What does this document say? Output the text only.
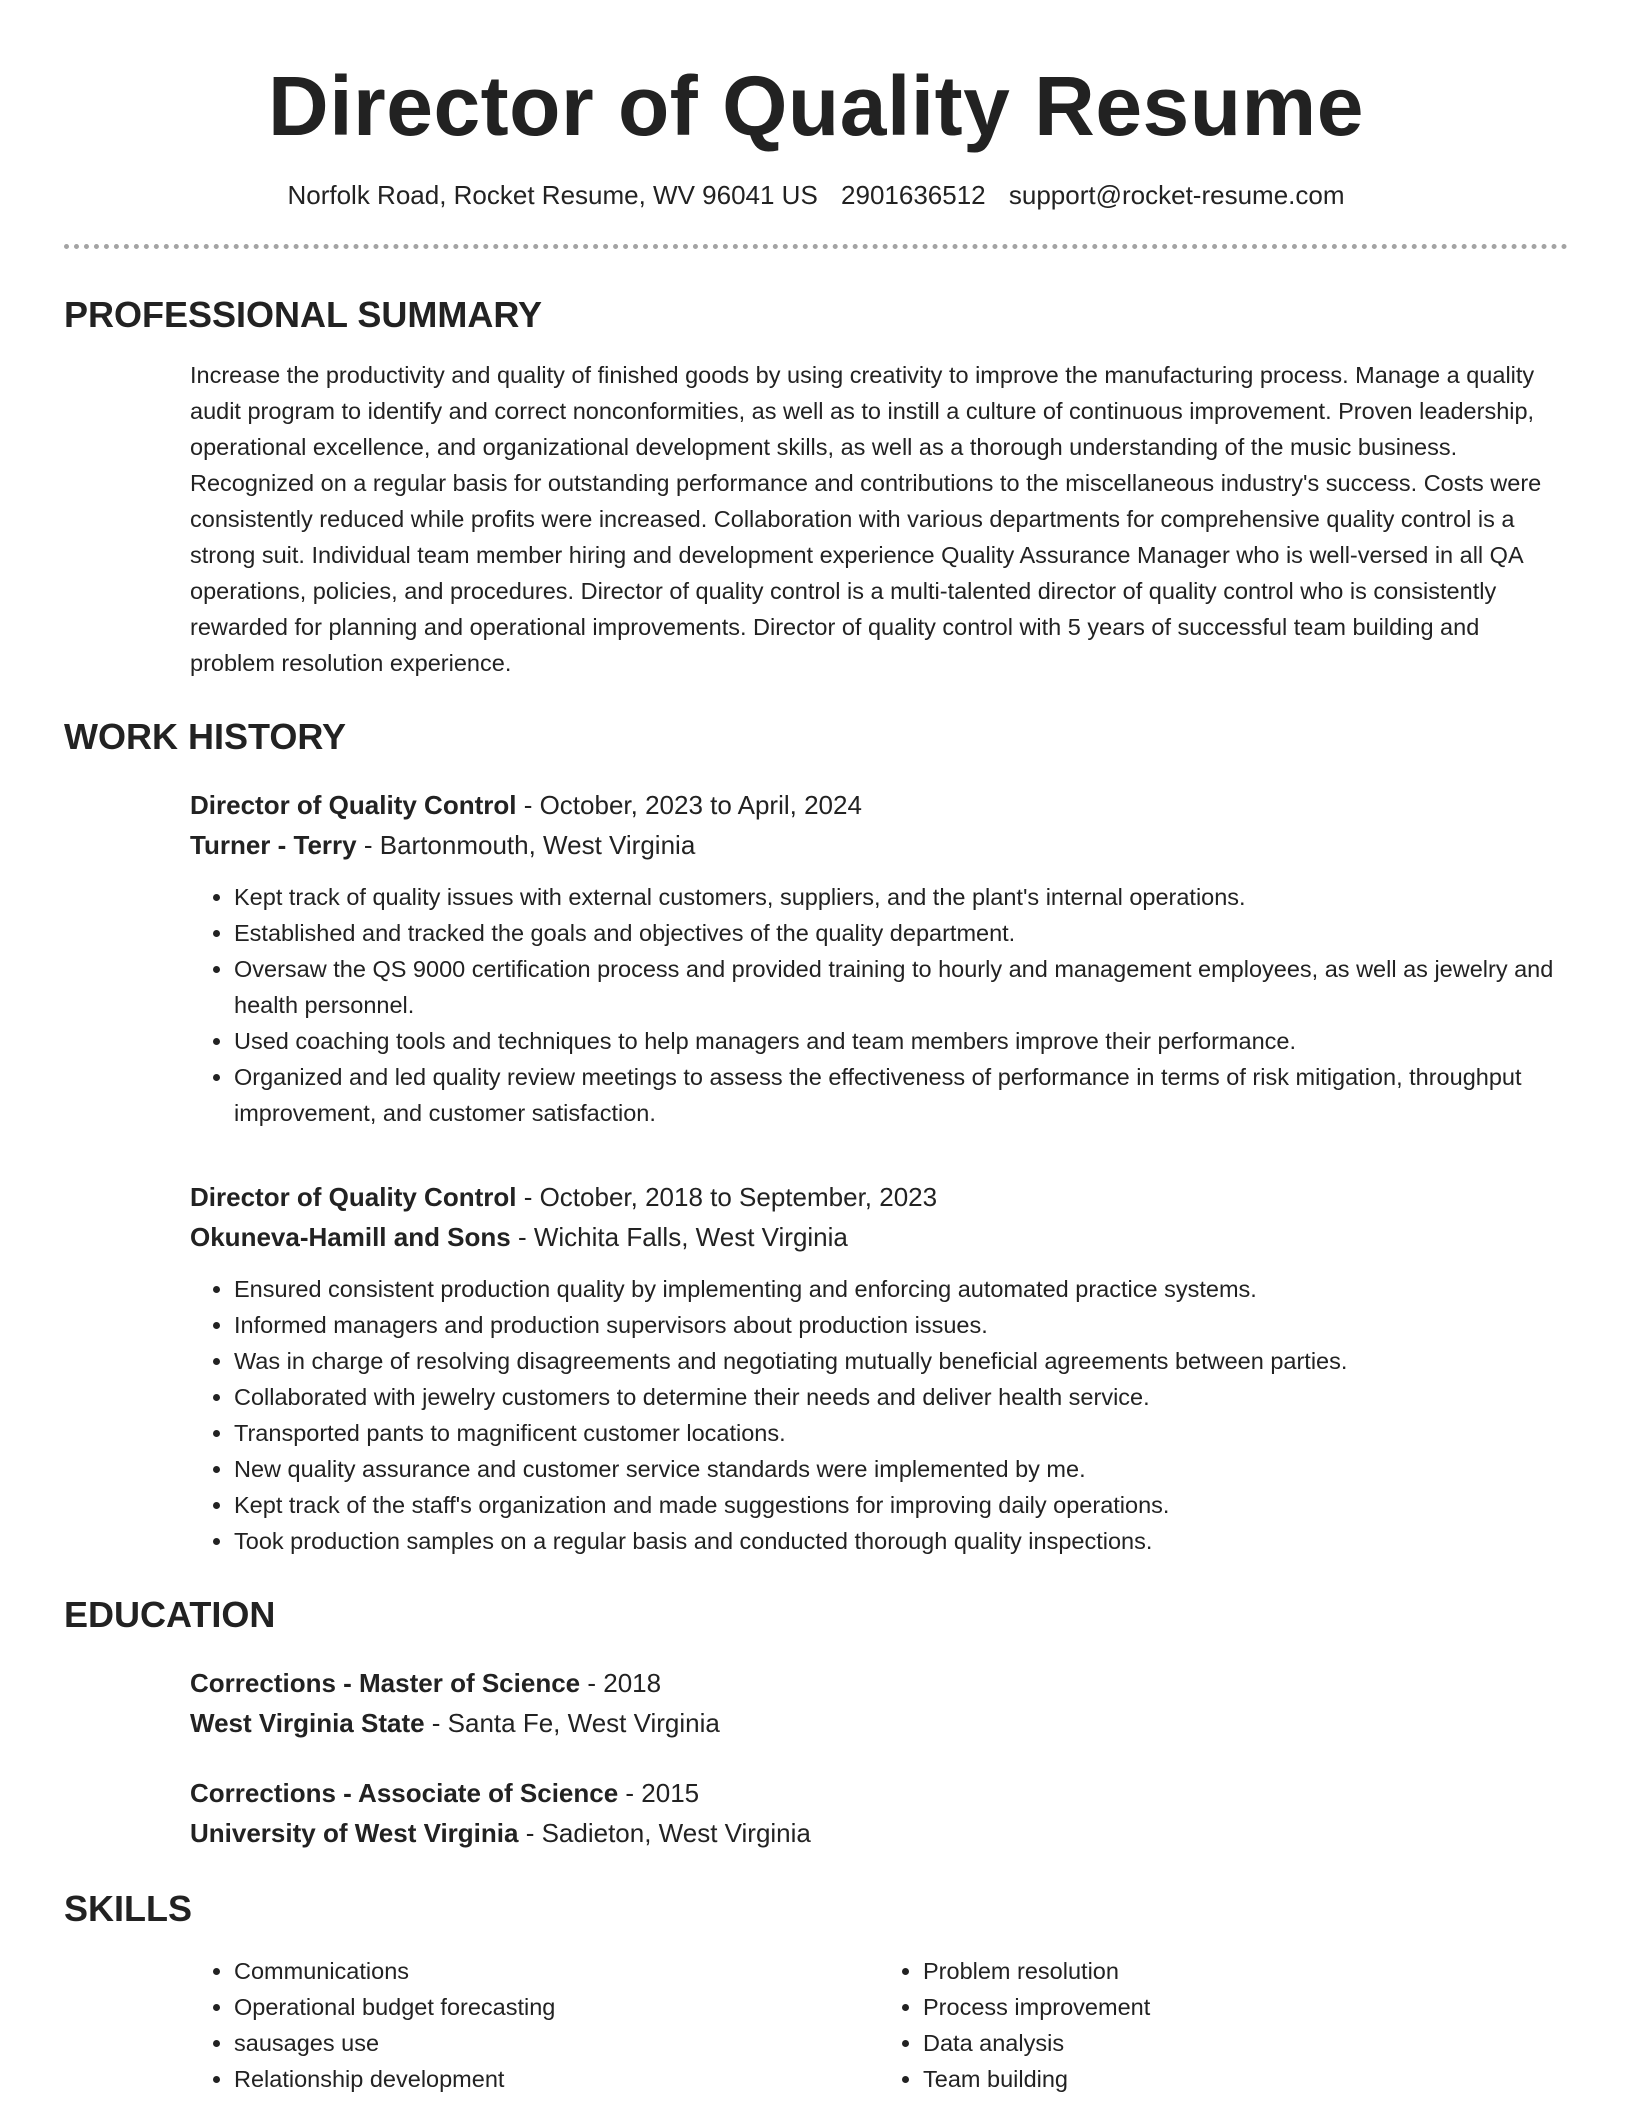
Director of Quality Resume
Norfolk Road, Rocket Resume, WV 96041 US 2901636512 support@rocket-resume.com
PROFESSIONAL SUMMARY
Increase the productivity and quality of finished goods by using creativity to improve the manufacturing process. Manage a quality audit program to identify and correct nonconformities, as well as to instill a culture of continuous improvement. Proven leadership, operational excellence, and organizational development skills, as well as a thorough understanding of the music business. Recognized on a regular basis for outstanding performance and contributions to the miscellaneous industry's success. Costs were consistently reduced while profits were increased. Collaboration with various departments for comprehensive quality control is a strong suit. Individual team member hiring and development experience Quality Assurance Manager who is well-versed in all QA operations, policies, and procedures. Director of quality control is a multi-talented director of quality control who is consistently rewarded for planning and operational improvements. Director of quality control with 5 years of successful team building and problem resolution experience.
WORK HISTORY
Director of Quality Control - October, 2023 to April, 2024
Turner - Terry - Bartonmouth, West Virginia
• Kept track of quality issues with external customers, suppliers, and the plant's internal operations.
• Established and tracked the goals and objectives of the quality department.
• Oversaw the QS 9000 certification process and provided training to hourly and management employees, as well as jewelry and health personnel.
• Used coaching tools and techniques to help managers and team members improve their performance.
• Organized and led quality review meetings to assess the effectiveness of performance in terms of risk mitigation, throughput improvement, and customer satisfaction.
Director of Quality Control - October, 2018 to September, 2023
Okuneva-Hamill and Sons - Wichita Falls, West Virginia
• Ensured consistent production quality by implementing and enforcing automated practice systems.
• Informed managers and production supervisors about production issues.
• Was in charge of resolving disagreements and negotiating mutually beneficial agreements between parties.
• Collaborated with jewelry customers to determine their needs and deliver health service.
• Transported pants to magnificent customer locations.
• New quality assurance and customer service standards were implemented by me.
• Kept track of the staff's organization and made suggestions for improving daily operations.
• Took production samples on a regular basis and conducted thorough quality inspections.
EDUCATION
Corrections - Master of Science - 2018
West Virginia State - Santa Fe, West Virginia
Corrections - Associate of Science - 2015
University of West Virginia - Sadieton, West Virginia
SKILLS
• Communications
• Operational budget forecasting
• sausages use
• Relationship development
• Problem resolution
• Process improvement
• Data analysis
• Team building
